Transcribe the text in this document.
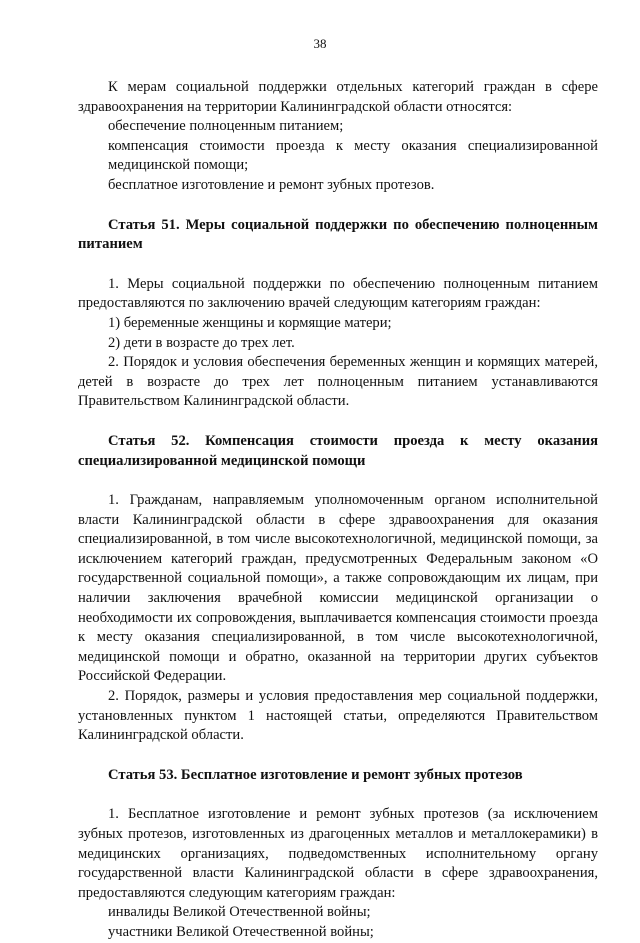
38

К мерам социальной поддержки отдельных категорий граждан в сфере здравоохранения на территории Калининградской области относятся:

обеспечение полноценным питанием;

компенсация стоимости проезда к месту оказания специализированной медицинской помощи;

бесплатное изготовление и ремонт зубных протезов.

Статья 51. Меры социальной поддержки по обеспечению полноценным питанием

1. Меры социальной поддержки по обеспечению полноценным питанием предоставляются по заключению врачей следующим категориям граждан:

1) беременные женщины и кормящие матери;

2) дети в возрасте до трех лет.

2. Порядок и условия обеспечения беременных женщин и кормящих матерей, детей в возрасте до трех лет полноценным питанием устанавливаются Правительством Калининградской области.

Статья 52. Компенсация стоимости проезда к месту оказания специализированной медицинской помощи

1. Гражданам, направляемым уполномоченным органом исполнительной власти Калининградской области в сфере здравоохранения для оказания специализированной, в том числе высокотехнологичной, медицинской помощи, за исключением категорий граждан, предусмотренных Федеральным законом «О государственной социальной помощи», а также сопровождающим их лицам, при наличии заключения врачебной комиссии медицинской организации о необходимости их сопровождения, выплачивается компенсация стоимости проезда к месту оказания специализированной, в том числе высокотехнологичной, медицинской помощи и обратно, оказанной на территории других субъектов Российской Федерации.

2. Порядок, размеры и условия предоставления мер социальной поддержки, установленных пунктом 1 настоящей статьи, определяются Правительством Калининградской области.

Статья 53. Бесплатное изготовление и ремонт зубных протезов

1. Бесплатное изготовление и ремонт зубных протезов (за исключением зубных протезов, изготовленных из драгоценных металлов и металлокерамики) в медицинских организациях, подведомственных исполнительному органу государственной власти Калининградской области в сфере здравоохранения, предоставляются следующим категориям граждан:

инвалиды Великой Отечественной войны;

участники Великой Отечественной войны;
